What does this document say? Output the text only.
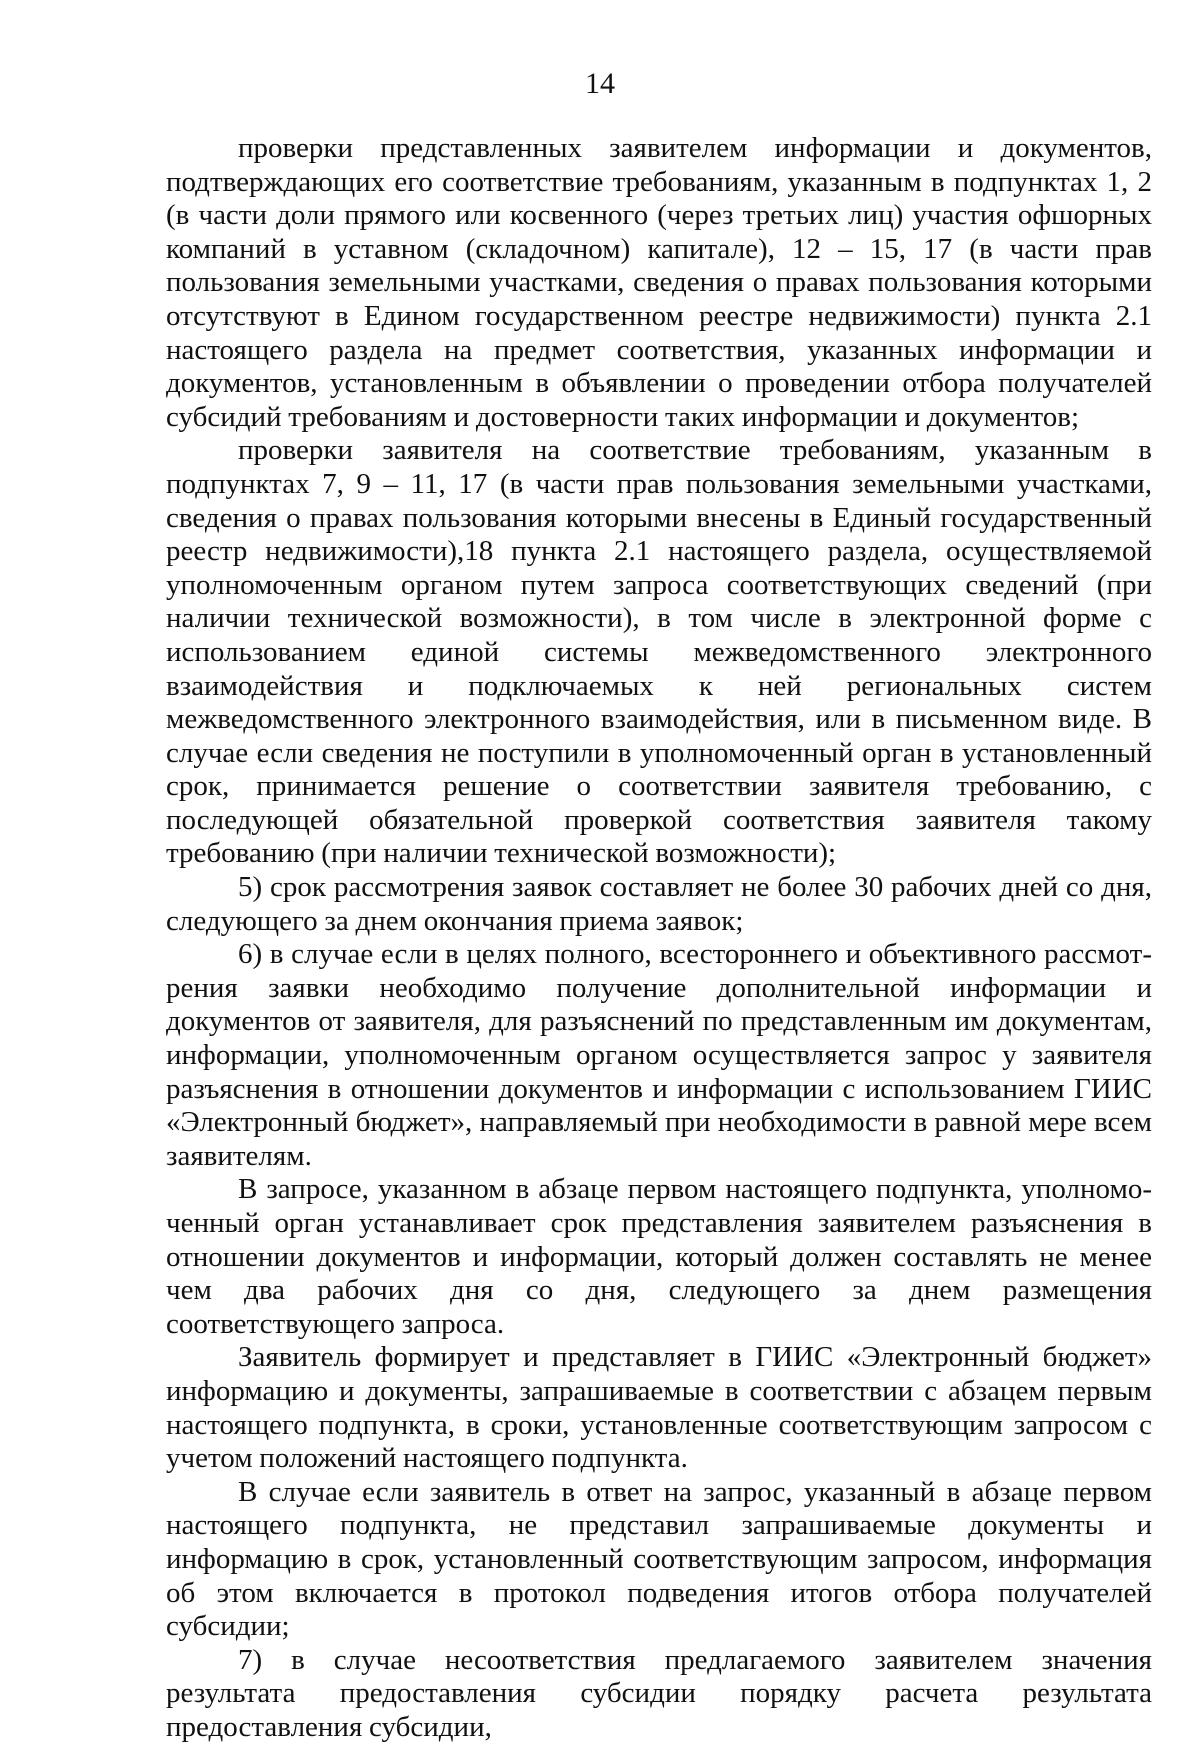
14

проверки представленных заявителем информации и документов, подтверждающих его соответствие требованиям, указанным в подпунктах 1, 2 (в части доли прямого или косвенного (через третьих лиц) участия офшорных компаний в уставном (складочном) капитале), 12 – 15, 17 (в части прав пользования земельными участками, сведения о правах пользования которыми отсутствуют в Едином государственном реестре недвижимости) пункта 2.1 настоящего раздела на предмет соответствия, указанных информации и документов, установленным в объявлении о проведении отбора получателей субсидий требованиям и достоверности таких информации и документов;

проверки заявителя на соответствие требованиям, указанным в подпунктах 7, 9 – 11, 17 (в части прав пользования земельными участками, сведения о правах пользования которыми внесены в Единый государственный реестр недвижимости),18 пункта 2.1 настоящего раздела, осуществляемой уполномоченным органом путем запроса соответствующих сведений (при наличии технической возможности), в том числе в электронной форме с использованием единой системы межведомственного электронного взаимодействия и подключаемых к ней региональных систем межведомственного электронного взаимодействия, или в письменном виде. В случае если сведения не поступили в уполномоченный орган в установленный срок, принимается решение о соответствии заявителя требованию, с последующей обязательной проверкой соответствия заявителя такому требованию (при наличии технической возможности);

5) срок рассмотрения заявок составляет не более 30 рабочих дней со дня, следующего за днем окончания приема заявок;

6) в случае если в целях полного, всестороннего и объективного рассмотрения заявки необходимо получение дополнительной информации и документов от заявителя, для разъяснений по представленным им документам, информации, уполномоченным органом осуществляется запрос у заявителя разъяснения в отношении документов и информации с использованием ГИИС «Электронный бюджет», направляемый при необходимости в равной мере всем заявителям.

В запросе, указанном в абзаце первом настоящего подпункта, уполномоченный орган устанавливает срок представления заявителем разъяснения в отношении документов и информации, который должен составлять не менее чем два рабочих дня со дня, следующего за днем размещения соответствующего запроса.

Заявитель формирует и представляет в ГИИС «Электронный бюджет» информацию и документы, запрашиваемые в соответствии с абзацем первым настоящего подпункта, в сроки, установленные соответствующим запросом с учетом положений настоящего подпункта.

В случае если заявитель в ответ на запрос, указанный в абзаце первом настоящего подпункта, не представил запрашиваемые документы и информацию в срок, установленный соответствующим запросом, информация об этом включается в протокол подведения итогов отбора получателей субсидии;

7) в случае несоответствия предлагаемого заявителем значения результата предоставления субсидии порядку расчета результата предоставления субсидии,
